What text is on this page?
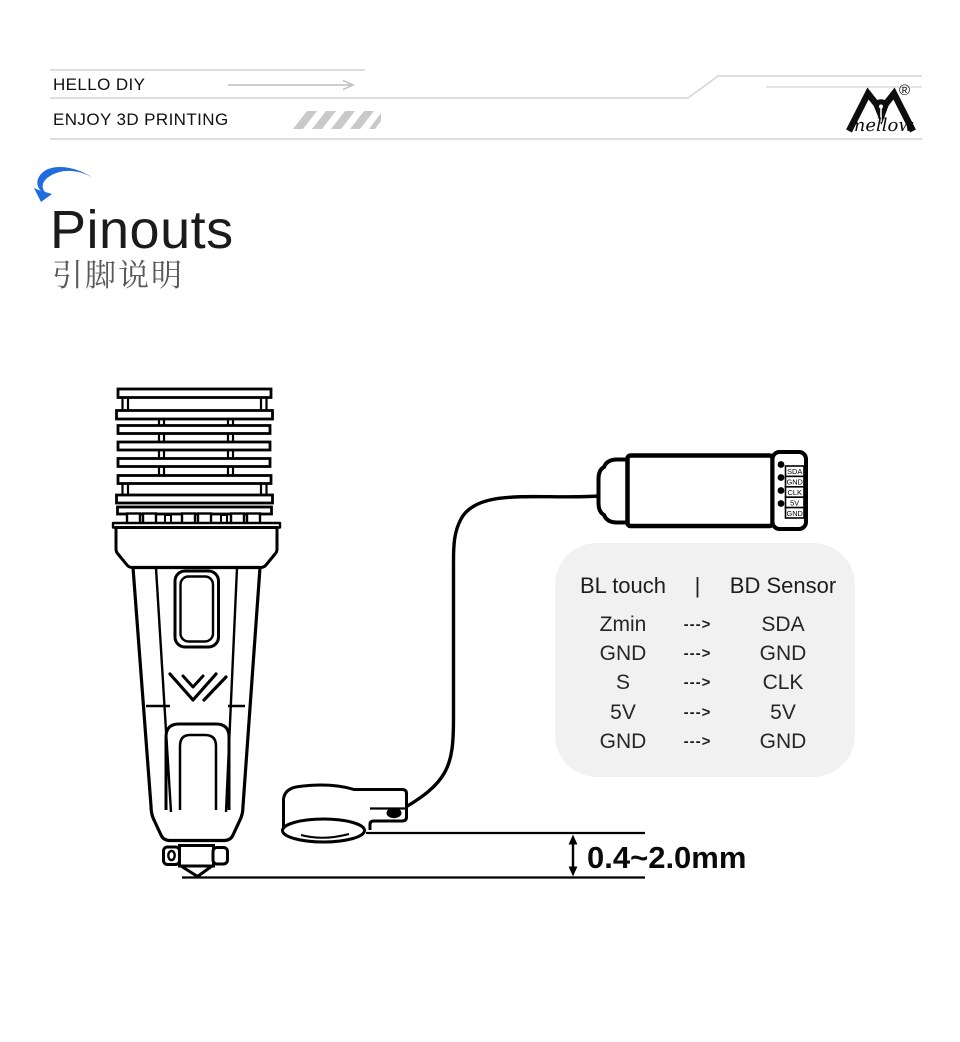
HELLO DIY
ENJOY 3D PRINTING
®
mellow
Pinouts
引脚说明
SDA
GND
CLK
5V
GND
0.4~2.0mm
BL touch	|	BD Sensor
Zmin	--->	SDA
GND	--->	GND
S	--->	CLK
5V	--->	5V
GND	--->	GND
